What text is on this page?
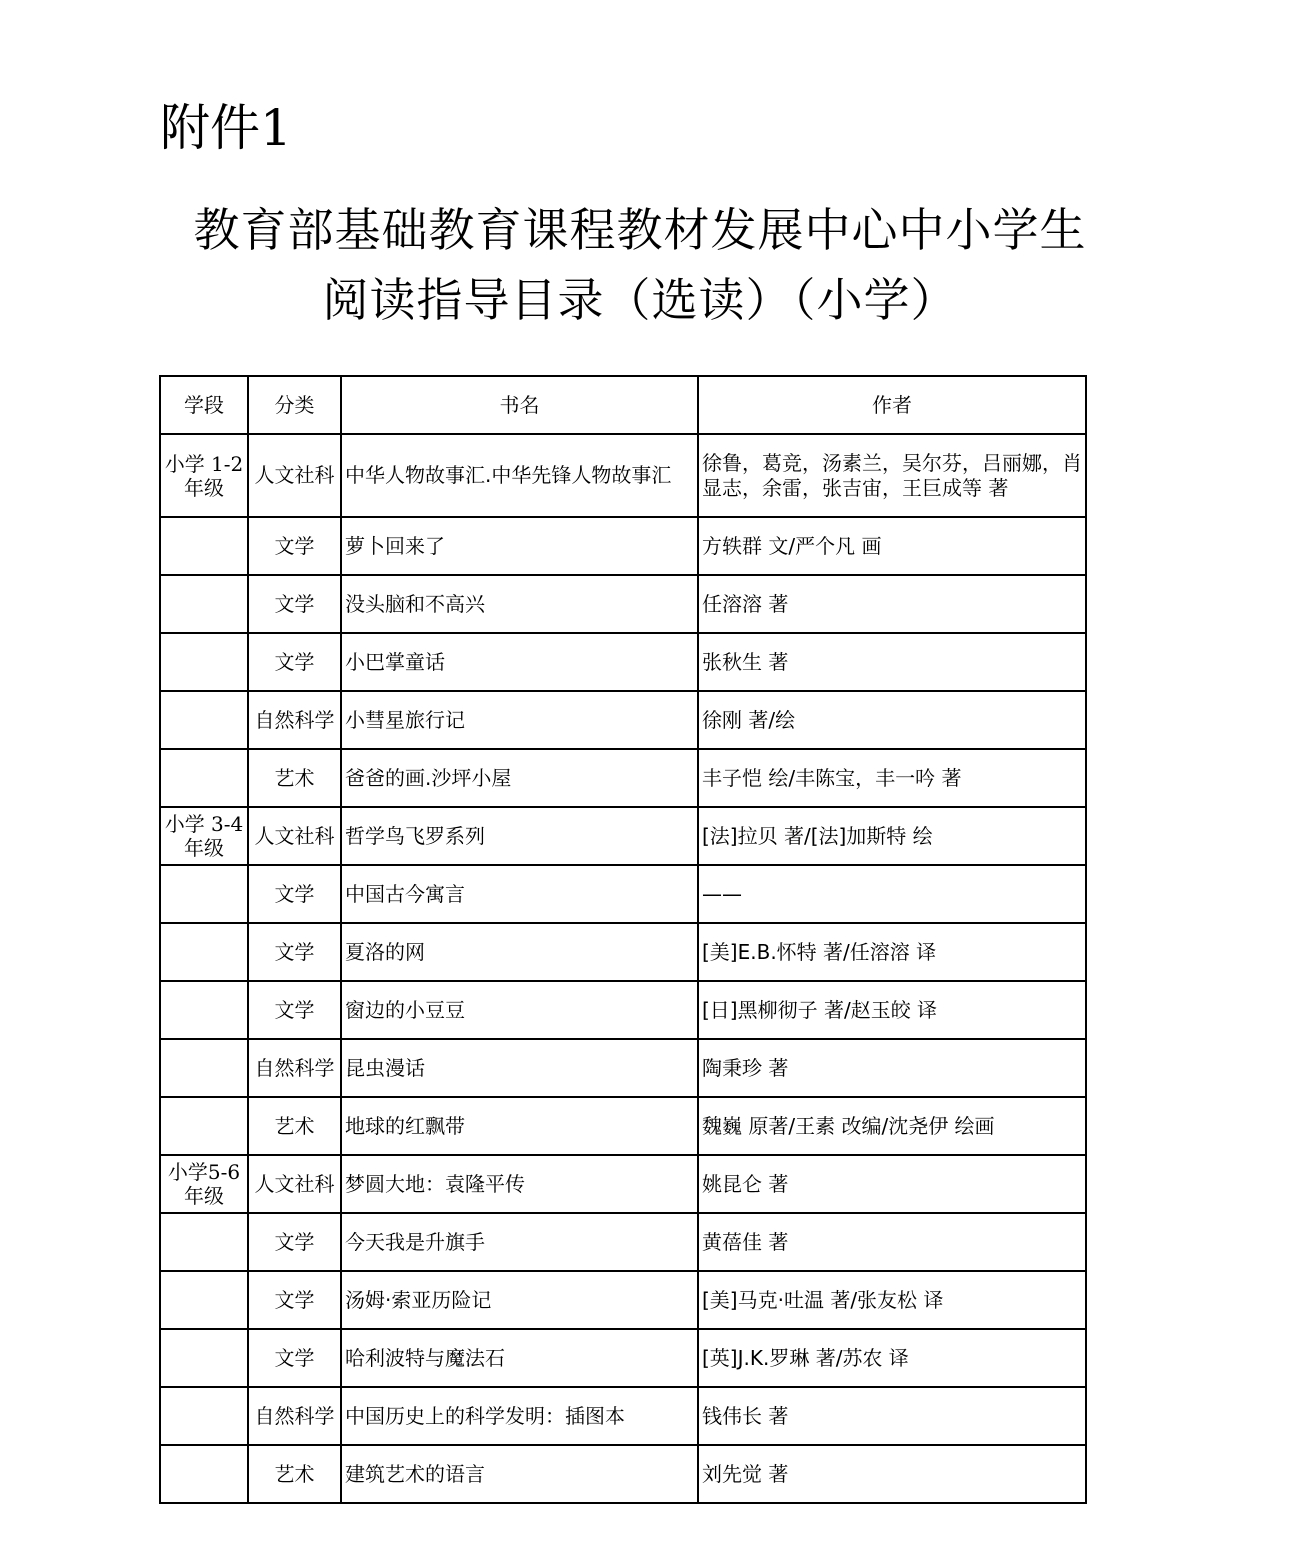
附件1
教育部基础教育课程教材发展中心中小学生
阅读指导目录（选读）（小学）
学段	分类	书名	作者
小学 1-2 年级	人文社科	中华人物故事汇.中华先锋人物故事汇	徐鲁，葛竞，汤素兰，吴尔芬，吕丽娜，肖显志，余雷，张吉宙，王巨成等 著
	文学	萝卜回来了	方轶群 文/严个凡 画
	文学	没头脑和不高兴	任溶溶 著
	文学	小巴掌童话	张秋生 著
	自然科学	小彗星旅行记	徐刚 著/绘
	艺术	爸爸的画.沙坪小屋	丰子恺 绘/丰陈宝，丰一吟 著
小学 3-4 年级	人文社科	哲学鸟飞罗系列	[法]拉贝 著/[法]加斯特 绘
	文学	中国古今寓言	——
	文学	夏洛的网	[美]E.B.怀特 著/任溶溶 译
	文学	窗边的小豆豆	[日]黑柳彻子 著/赵玉皎 译
	自然科学	昆虫漫话	陶秉珍 著
	艺术	地球的红飘带	魏巍 原著/王素 改编/沈尧伊 绘画
小学5-6 年级	人文社科	梦圆大地：袁隆平传	姚昆仑 著
	文学	今天我是升旗手	黄蓓佳 著
	文学	汤姆·索亚历险记	[美]马克·吐温 著/张友松 译
	文学	哈利波特与魔法石	[英]J.K.罗琳 著/苏农 译
	自然科学	中国历史上的科学发明：插图本	钱伟长 著
	艺术	建筑艺术的语言	刘先觉 著
